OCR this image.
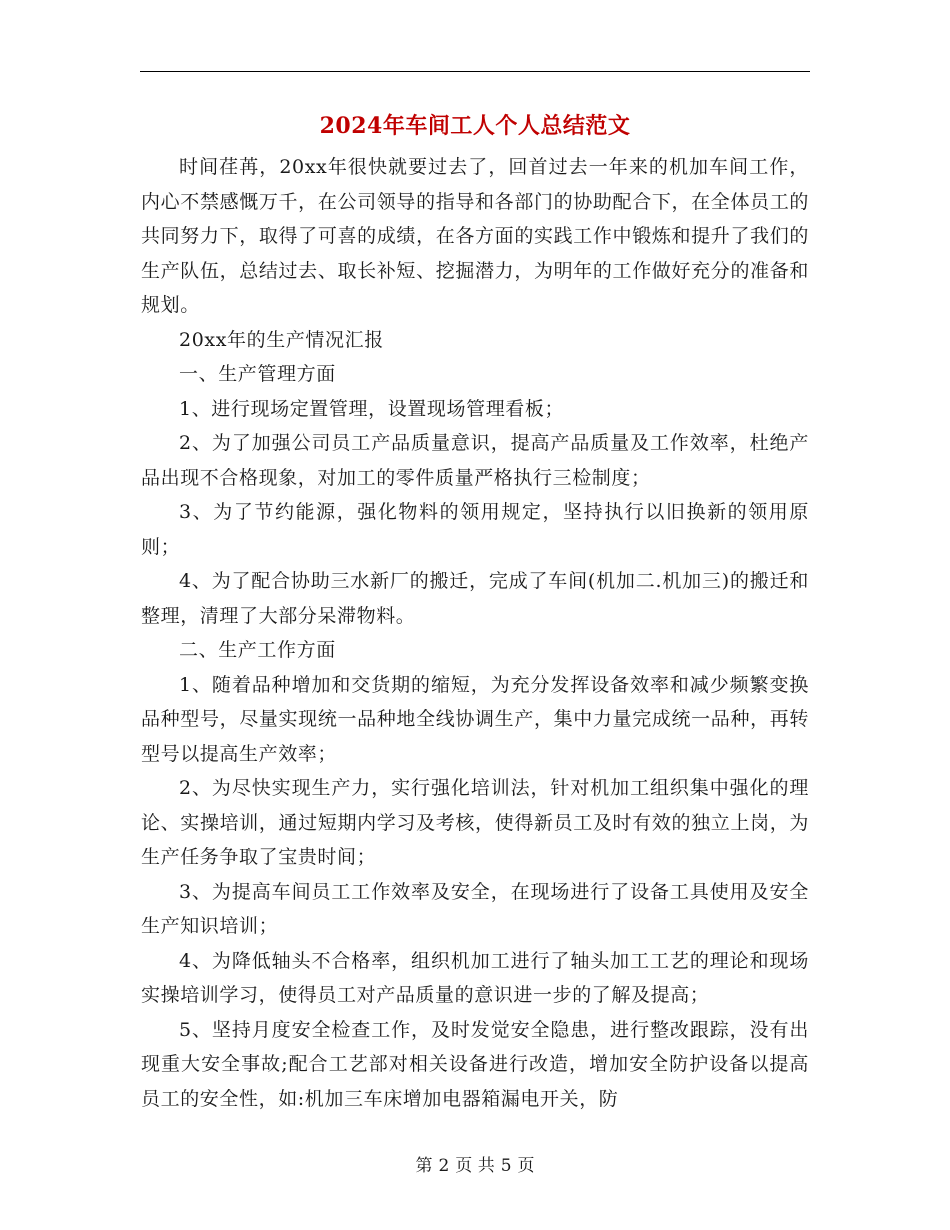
2024年车间工人个人总结范文

时间荏苒，20xx年很快就要过去了，回首过去一年来的机加车间工作，内心不禁感慨万千，在公司领导的指导和各部门的协助配合下，在全体员工的共同努力下，取得了可喜的成绩，在各方面的实践工作中锻炼和提升了我们的生产队伍，总结过去、取长补短、挖掘潜力，为明年的工作做好充分的准备和规划。

20xx年的生产情况汇报

一、生产管理方面

1、进行现场定置管理，设置现场管理看板；

2、为了加强公司员工产品质量意识，提高产品质量及工作效率，杜绝产品出现不合格现象，对加工的零件质量严格执行三检制度；

3、为了节约能源，强化物料的领用规定，坚持执行以旧换新的领用原则；

4、为了配合协助三水新厂的搬迁，完成了车间(机加二.机加三)的搬迁和整理，清理了大部分呆滞物料。

二、生产工作方面

1、随着品种增加和交货期的缩短，为充分发挥设备效率和减少频繁变换品种型号，尽量实现统一品种地全线协调生产，集中力量完成统一品种，再转型号以提高生产效率；

2、为尽快实现生产力，实行强化培训法，针对机加工组织集中强化的理论、实操培训，通过短期内学习及考核，使得新员工及时有效的独立上岗，为生产任务争取了宝贵时间；

3、为提高车间员工工作效率及安全，在现场进行了设备工具使用及安全生产知识培训；

4、为降低轴头不合格率，组织机加工进行了轴头加工工艺的理论和现场实操培训学习，使得员工对产品质量的意识进一步的了解及提高；

5、坚持月度安全检查工作，及时发觉安全隐患，进行整改跟踪，没有出现重大安全事故;配合工艺部对相关设备进行改造，增加安全防护设备以提高员工的安全性，如:机加三车床增加电器箱漏电开关，防

第 2 页 共 5 页
